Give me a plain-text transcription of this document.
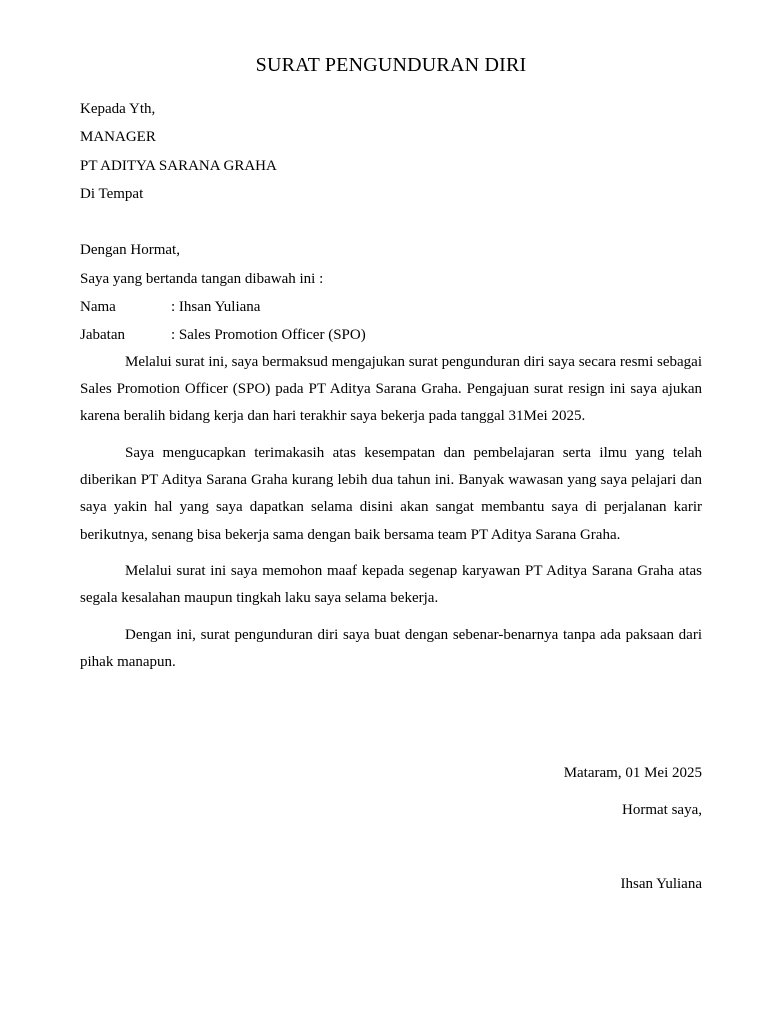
SURAT PENGUNDURAN DIRI
Kepada Yth,
MANAGER
PT ADITYA SARANA GRAHA
Di Tempat
Dengan Hormat,
Saya yang bertanda tangan dibawah ini :
Nama	: Ihsan Yuliana
Jabatan	: Sales Promotion Officer (SPO)

Melalui surat ini, saya bermaksud mengajukan surat pengunduran diri saya secara resmi sebagai Sales Promotion Officer (SPO) pada PT Aditya Sarana Graha. Pengajuan surat resign ini saya ajukan karena beralih bidang kerja dan hari terakhir saya bekerja pada tanggal 31Mei 2025.

Saya mengucapkan terimakasih atas kesempatan dan pembelajaran serta ilmu yang telah diberikan PT Aditya Sarana Graha kurang lebih dua tahun ini. Banyak wawasan yang saya pelajari dan saya yakin hal yang saya dapatkan selama disini akan sangat membantu saya di perjalanan karir berikutnya, senang bisa bekerja sama dengan baik bersama team PT Aditya Sarana Graha.

Melalui surat ini saya memohon maaf kepada segenap karyawan PT Aditya Sarana Graha atas segala kesalahan maupun tingkah laku saya selama bekerja.

Dengan ini, surat pengunduran diri saya buat dengan sebenar-benarnya tanpa ada paksaan dari pihak manapun.

Mataram, 01 Mei 2025
Hormat saya,
Ihsan Yuliana
